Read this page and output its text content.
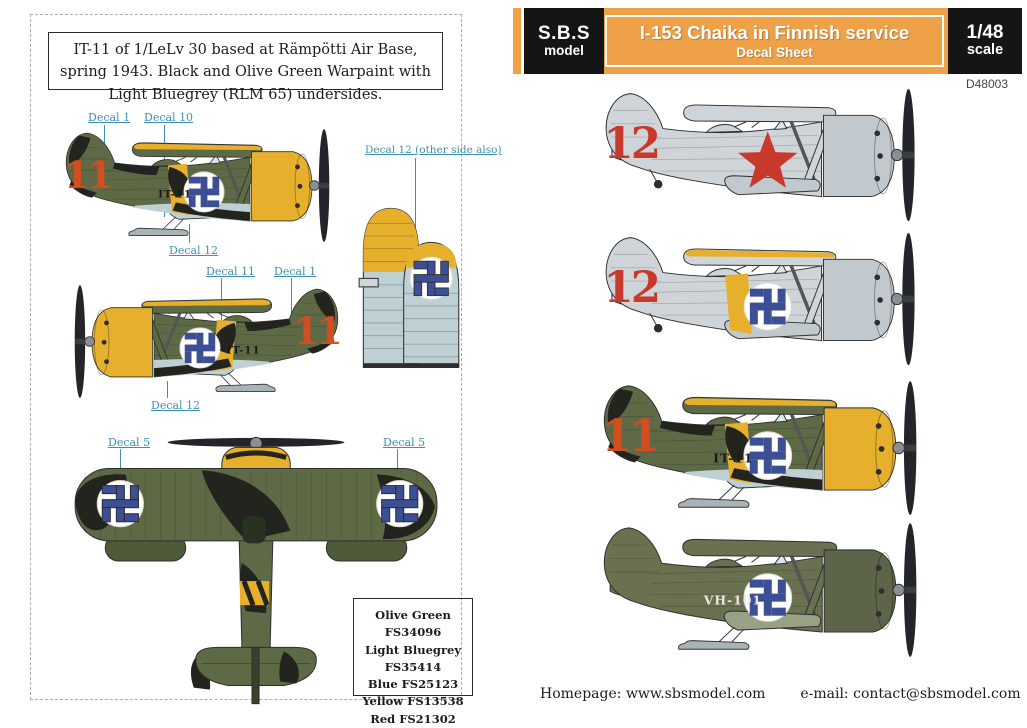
IT-11 of 1/LeLv 30 based at Rämpötti Air Base, spring 1943. Black and Olive Green Warpaint with Light Bluegrey (RLM 65) undersides.
Decal 1 Decal 10
IT-11
11
Decal 12
Decal 11 Decal 1
IT-11 11
Decal 12
Decal 12 (other side also)
Decal 5	Decal 5
Olive Green FS34096
Light Bluegrey FS35414
Blue FS25123
Yellow FS13538
Red FS21302
I-153 Chaika in Finnish service
Decal Sheet
S.B.S
model
1/48
scale
D48003
12
12
IT-11
11
VH-101
Homepage: www.sbsmodel.com e-mail: contact@sbsmodel.com
